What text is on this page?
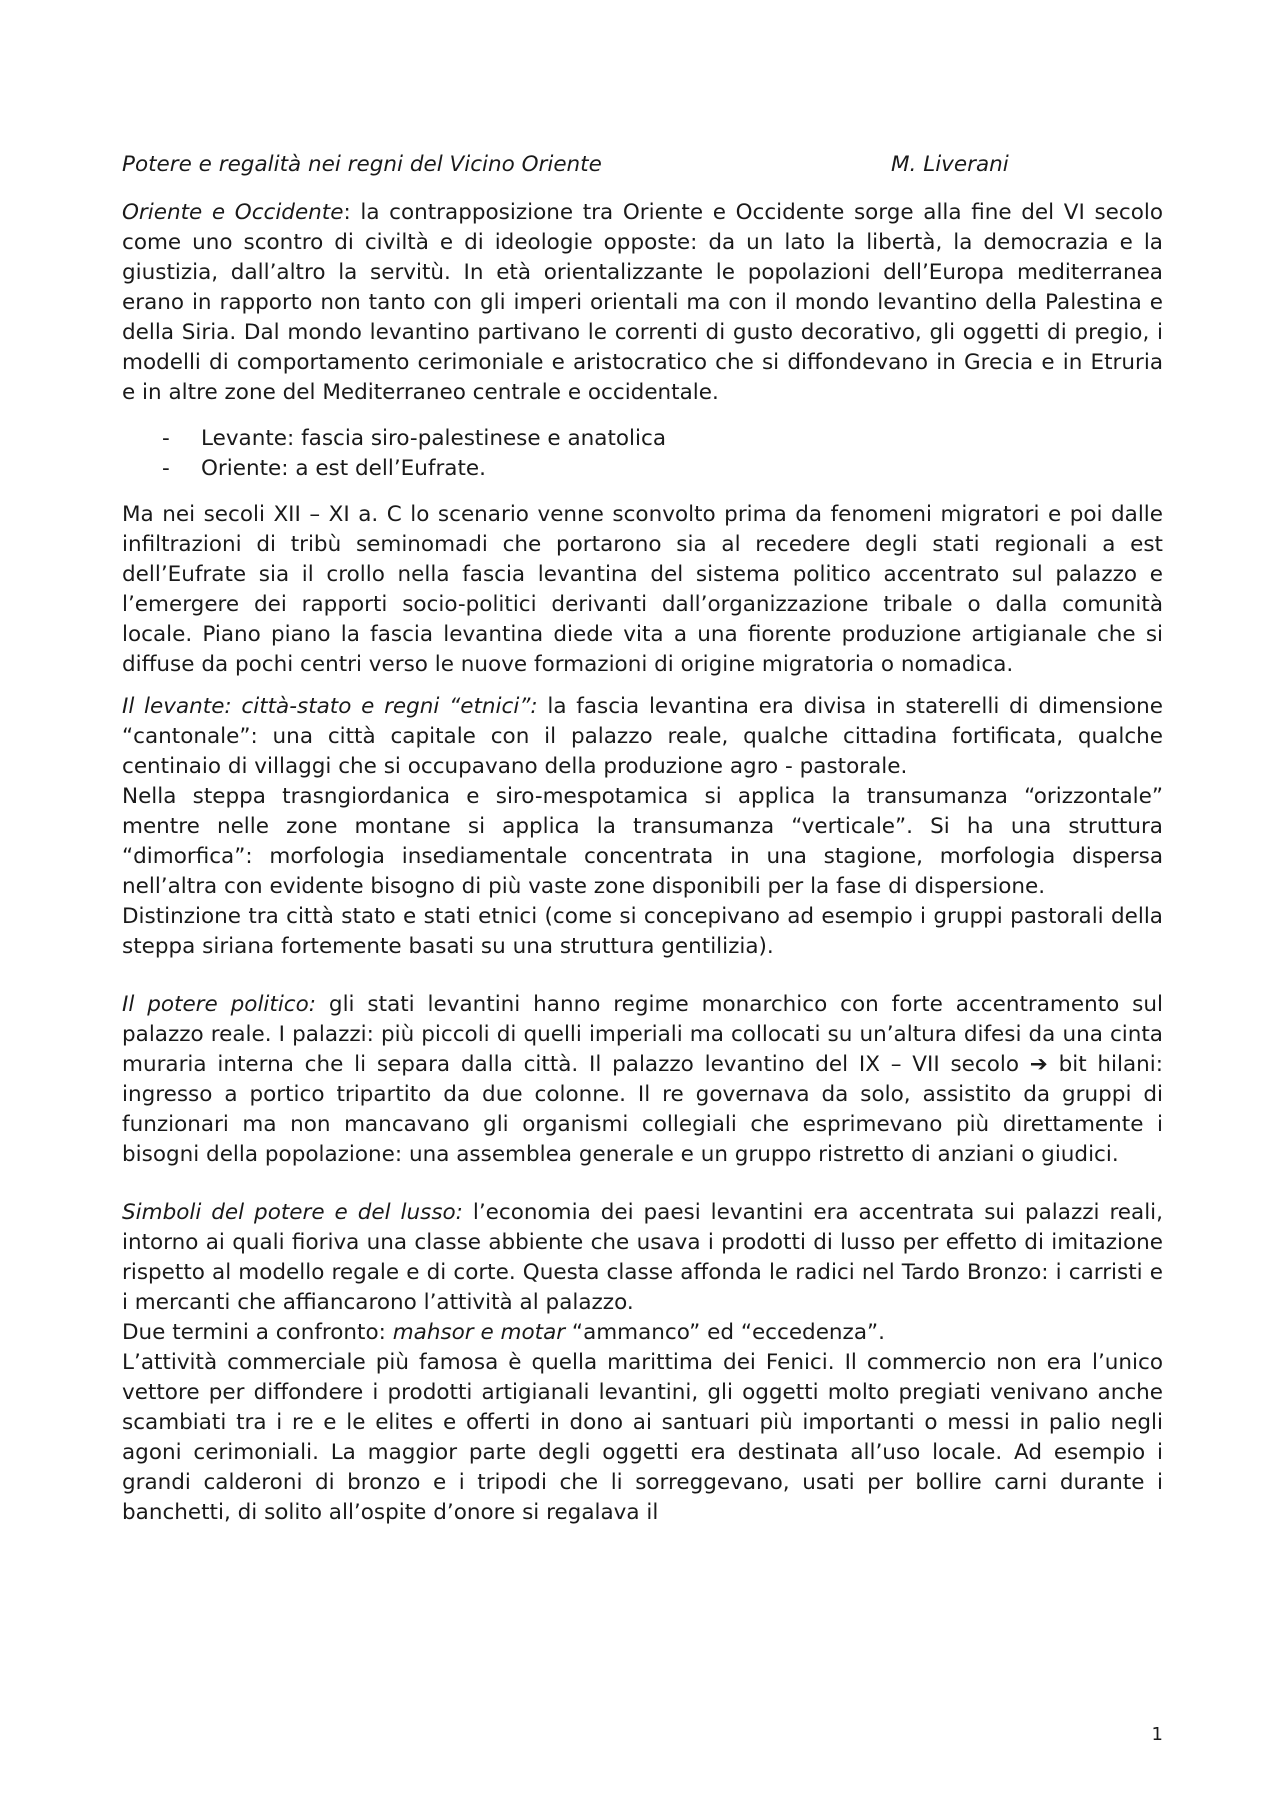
Potere e regalità nei regni del Vicino Oriente	M. Liverani

Oriente e Occidente: la contrapposizione tra Oriente e Occidente sorge alla fine del VI secolo come uno scontro di civiltà e di ideologie opposte: da un lato la libertà, la democrazia e la giustizia, dall’altro la servitù. In età orientalizzante le popolazioni dell’Europa mediterranea erano in rapporto non tanto con gli imperi orientali ma con il mondo levantino della Palestina e della Siria. Dal mondo levantino partivano le correnti di gusto decorativo, gli oggetti di pregio, i modelli di comportamento cerimoniale e aristocratico che si diffondevano in Grecia e in Etruria e in altre zone del Mediterraneo centrale e occidentale.

- Levante: fascia siro-palestinese e anatolica
- Oriente: a est dell’Eufrate.

Ma nei secoli XII – XI a. C lo scenario venne sconvolto prima da fenomeni migratori e poi dalle infiltrazioni di tribù seminomadi che portarono sia al recedere degli stati regionali a est dell’Eufrate sia il crollo nella fascia levantina del sistema politico accentrato sul palazzo e l’emergere dei rapporti socio-politici derivanti dall’organizzazione tribale o dalla comunità locale. Piano piano la fascia levantina diede vita a una fiorente produzione artigianale che si diffuse da pochi centri verso le nuove formazioni di origine migratoria o nomadica.

Il levante: città-stato e regni “etnici”: la fascia levantina era divisa in staterelli di dimensione “cantonale”: una città capitale con il palazzo reale, qualche cittadina fortificata, qualche centinaio di villaggi che si occupavano della produzione agro - pastorale.

Nella steppa trasngiordanica e siro-mespotamica si applica la transumanza “orizzontale” mentre nelle zone montane si applica la transumanza “verticale”. Si ha una struttura “dimorfica”: morfologia insediamentale concentrata in una stagione, morfologia dispersa nell’altra con evidente bisogno di più vaste zone disponibili per la fase di dispersione.

Distinzione tra città stato e stati etnici (come si concepivano ad esempio i gruppi pastorali della steppa siriana fortemente basati su una struttura gentilizia).

Il potere politico: gli stati levantini hanno regime monarchico con forte accentramento sul palazzo reale. I palazzi: più piccoli di quelli imperiali ma collocati su un’altura difesi da una cinta muraria interna che li separa dalla città. Il palazzo levantino del IX – VII secolo ➔ bit hilani: ingresso a portico tripartito da due colonne. Il re governava da solo, assistito da gruppi di funzionari ma non mancavano gli organismi collegiali che esprimevano più direttamente i bisogni della popolazione: una assemblea generale e un gruppo ristretto di anziani o giudici.

Simboli del potere e del lusso: l’economia dei paesi levantini era accentrata sui palazzi reali, intorno ai quali fioriva una classe abbiente che usava i prodotti di lusso per effetto di imitazione rispetto al modello regale e di corte. Questa classe affonda le radici nel Tardo Bronzo: i carristi e i mercanti che affiancarono l’attività al palazzo.

Due termini a confronto: mahsor e motar “ammanco” ed “eccedenza”.

L’attività commerciale più famosa è quella marittima dei Fenici. Il commercio non era l’unico vettore per diffondere i prodotti artigianali levantini, gli oggetti molto pregiati venivano anche scambiati tra i re e le elites e offerti in dono ai santuari più importanti o messi in palio negli agoni cerimoniali. La maggior parte degli oggetti era destinata all’uso locale. Ad esempio i grandi calderoni di bronzo e i tripodi che li sorreggevano, usati per bollire carni durante i banchetti, di solito all’ospite d’onore si regalava il

1
